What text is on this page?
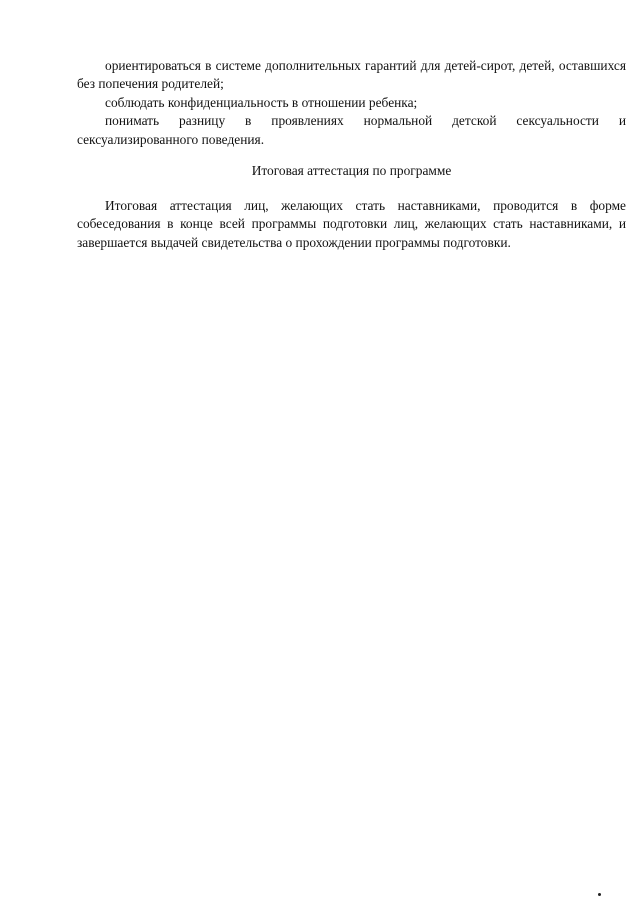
ориентироваться в системе дополнительных гарантий для детей-сирот, детей, оставшихся без попечения родителей;

соблюдать конфиденциальность в отношении ребенка;

понимать разницу в проявлениях нормальной детской сексуальности и сексуализированного поведения.

Итоговая аттестация по программе

Итоговая аттестация лиц, желающих стать наставниками, проводится в форме собеседования в конце всей программы подготовки лиц, желающих стать наставниками, и завершается выдачей свидетельства о прохождении программы подготовки.
